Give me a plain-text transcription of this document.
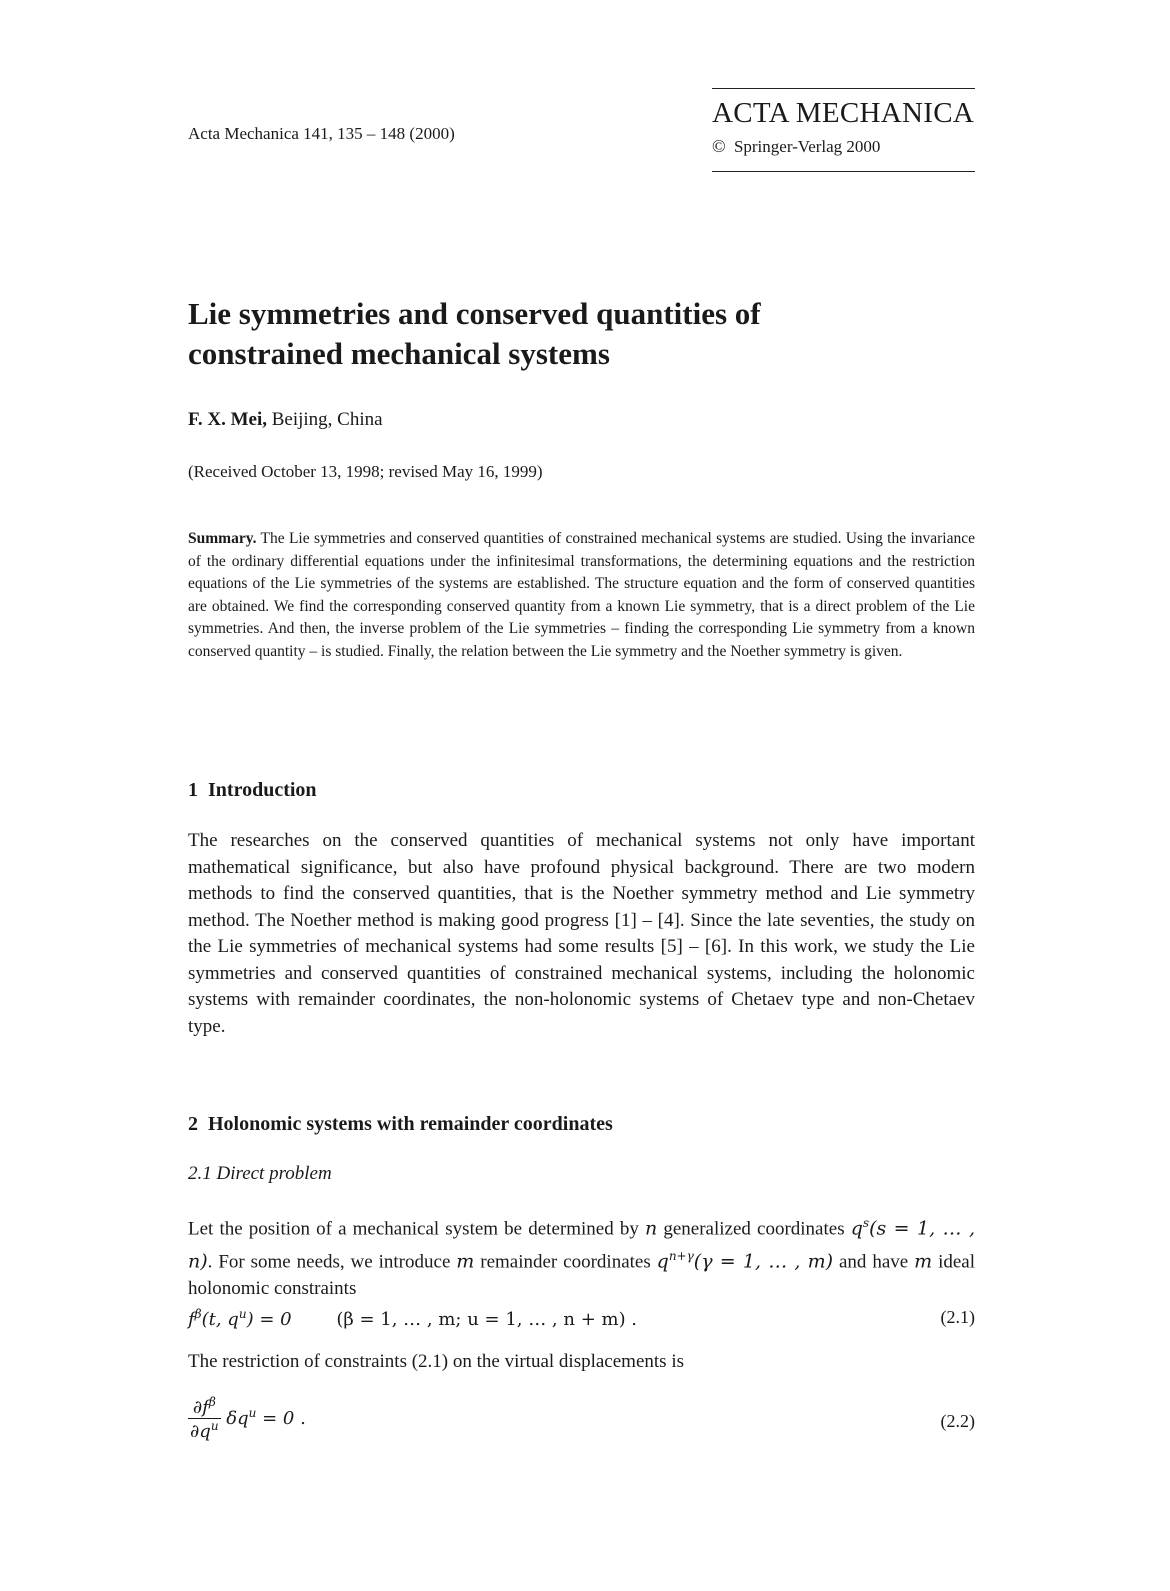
Acta Mechanica 141, 135 – 148 (2000)
ACTA MECHANICA
© Springer-Verlag 2000
Lie symmetries and conserved quantities of
constrained mechanical systems
F. X. Mei, Beijing, China
(Received October 13, 1998; revised May 16, 1999)
Summary. The Lie symmetries and conserved quantities of constrained mechanical systems are studied. Using the invariance of the ordinary differential equations under the infinitesimal transformations, the determining equations and the restriction equations of the Lie symmetries of the systems are established. The structure equation and the form of conserved quantities are obtained. We find the corresponding conserved quantity from a known Lie symmetry, that is a direct problem of the Lie symmetries. And then, the inverse problem of the Lie symmetries – finding the corresponding Lie symmetry from a known conserved quantity – is studied. Finally, the relation between the Lie symmetry and the Noether symmetry is given.
1 Introduction
The researches on the conserved quantities of mechanical systems not only have important mathematical significance, but also have profound physical background. There are two modern methods to find the conserved quantities, that is the Noether symmetry method and Lie symmetry method. The Noether method is making good progress [1] – [4]. Since the late seventies, the study on the Lie symmetries of mechanical systems had some results [5] – [6]. In this work, we study the Lie symmetries and conserved quantities of constrained mechanical systems, including the holonomic systems with remainder coordinates, the non-holonomic systems of Chetaev type and non-Chetaev type.
2 Holonomic systems with remainder coordinates
2.1 Direct problem
Let the position of a mechanical system be determined by n generalized coordinates $q^s(s = 1$, … , n). For some needs, we introduce m remainder coordinates $q^{n+\gamma}(\gamma = 1$, … , m) and have m ideal holonomic constraints
$f^\beta(t$, $q^u) = 0$ (β = 1, … , m; u = 1, … , n + m) .	(2.1)
The restriction of constraints (2.1) on the virtual displacements is
$\frac{\partial f^\beta}{\partial q^u} \delta q^u = 0$ .	(2.2)
